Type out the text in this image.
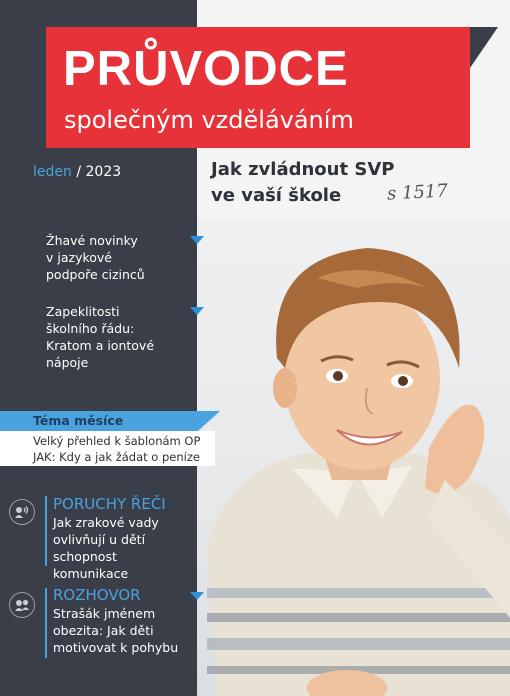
PRŮVODCE
společným vzděláváním
leden / 2023	Jak zvládnout SVP
ve vaší škole	s 1517
Žhavé novinky
v jazykové
podpoře cizinců
Zapeklitosti
školního řádu:
Kratom a iontové
nápoje
Téma měsíce
Velký přehled k šablonám OP
JAK: Kdy a jak žádat o peníze
PORUCHY ŘEČI
Jak zrakové vady
ovlivňují u dětí
schopnost komunikace
ROZHOVOR
Strašák jménem
obezita: Jak děti
motivovat k pohybu
